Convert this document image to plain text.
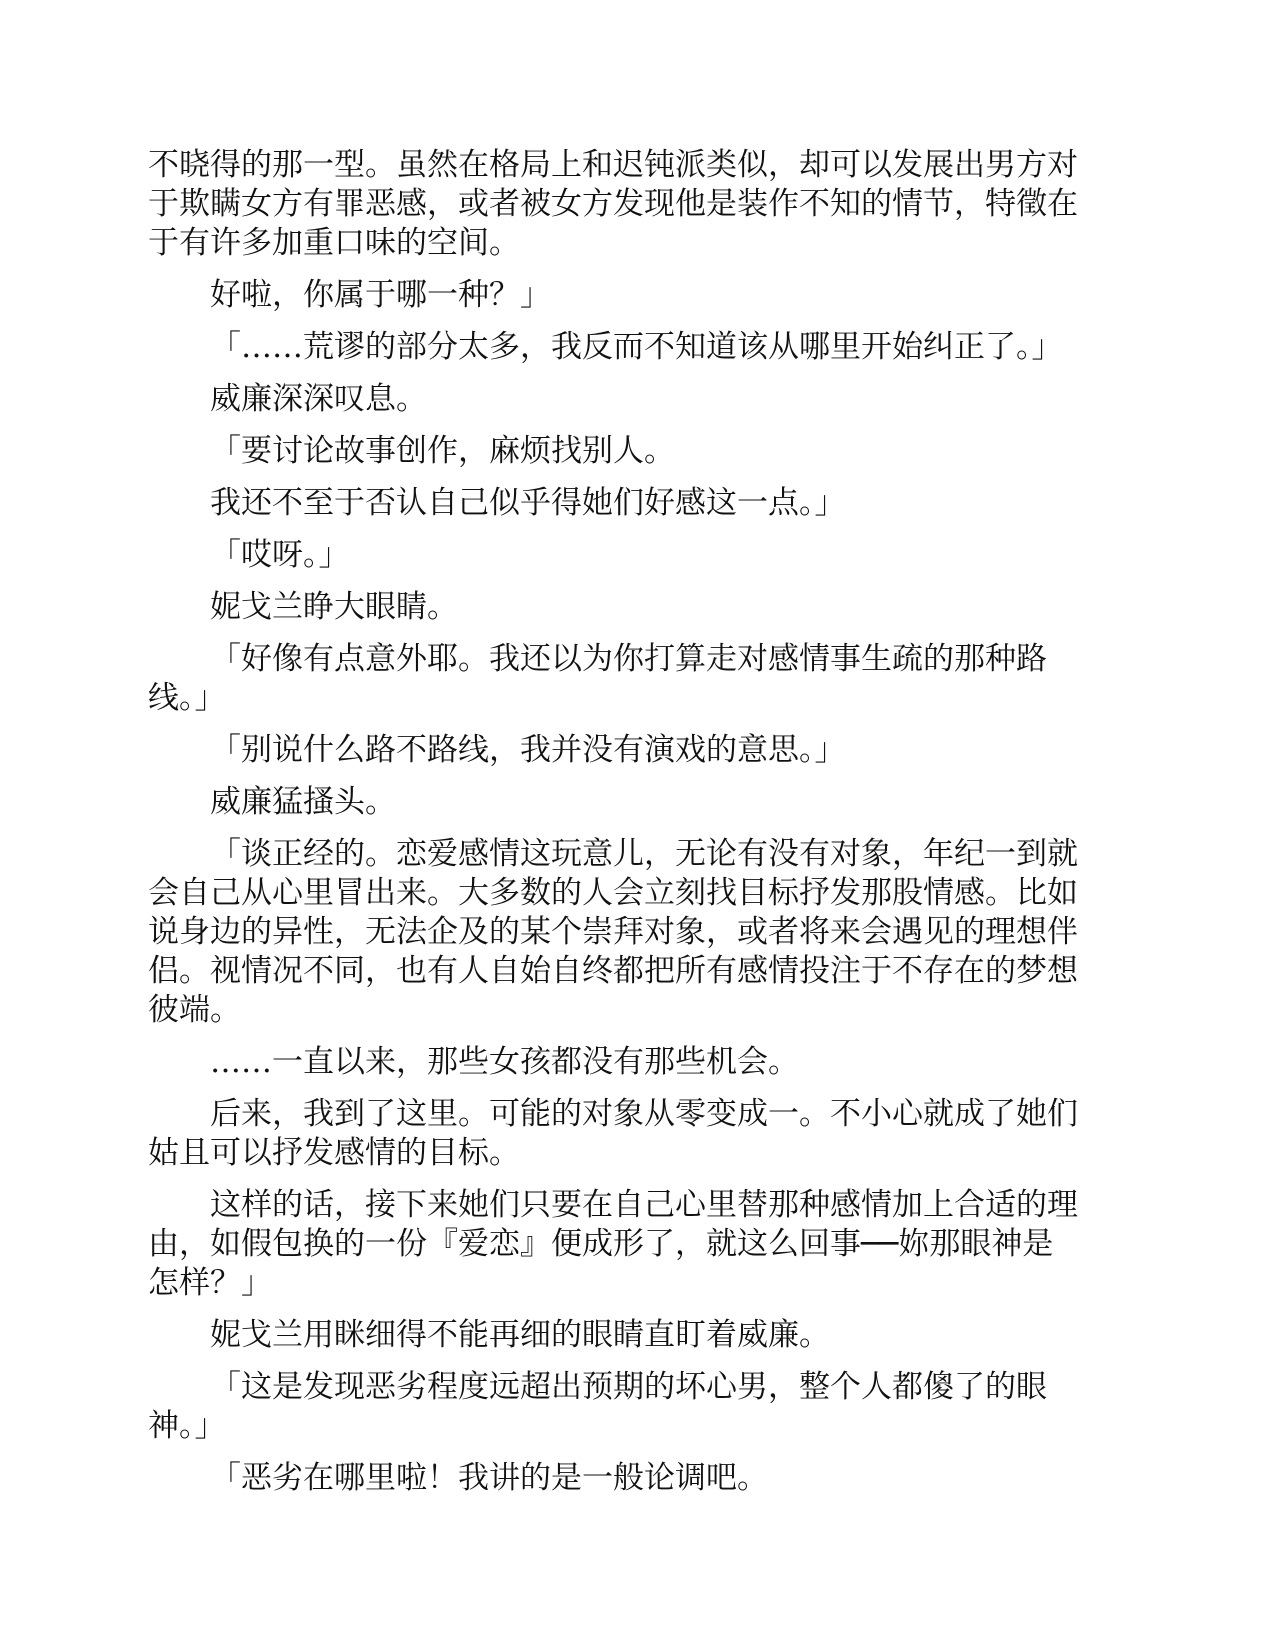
不晓得的那一型。虽然在格局上和迟钝派类似，却可以发展出男方对于欺瞒女方有罪恶感，或者被女方发现他是装作不知的情节，特徵在于有许多加重口味的空间。

好啦，你属于哪一种？」

「……荒谬的部分太多，我反而不知道该从哪里开始纠正了。」

威廉深深叹息。

「要讨论故事创作，麻烦找别人。

我还不至于否认自己似乎得她们好感这一点。」

「哎呀。」

妮戈兰睁大眼睛。

「好像有点意外耶。我还以为你打算走对感情事生疏的那种路线。」

「别说什么路不路线，我并没有演戏的意思。」

威廉猛搔头。

「谈正经的。恋爱感情这玩意儿，无论有没有对象，年纪一到就会自己从心里冒出来。大多数的人会立刻找目标抒发那股情感。比如说身边的异性，无法企及的某个崇拜对象，或者将来会遇见的理想伴侣。视情况不同，也有人自始自终都把所有感情投注于不存在的梦想彼端。

……一直以来，那些女孩都没有那些机会。

后来，我到了这里。可能的对象从零变成一。不小心就成了她们姑且可以抒发感情的目标。

这样的话，接下来她们只要在自己心里替那种感情加上合适的理由，如假包换的一份『爱恋』便成形了，就这么回事──妳那眼神是怎样？」

妮戈兰用眯细得不能再细的眼睛直盯着威廉。

「这是发现恶劣程度远超出预期的坏心男，整个人都傻了的眼神。」

「恶劣在哪里啦！我讲的是一般论调吧。
